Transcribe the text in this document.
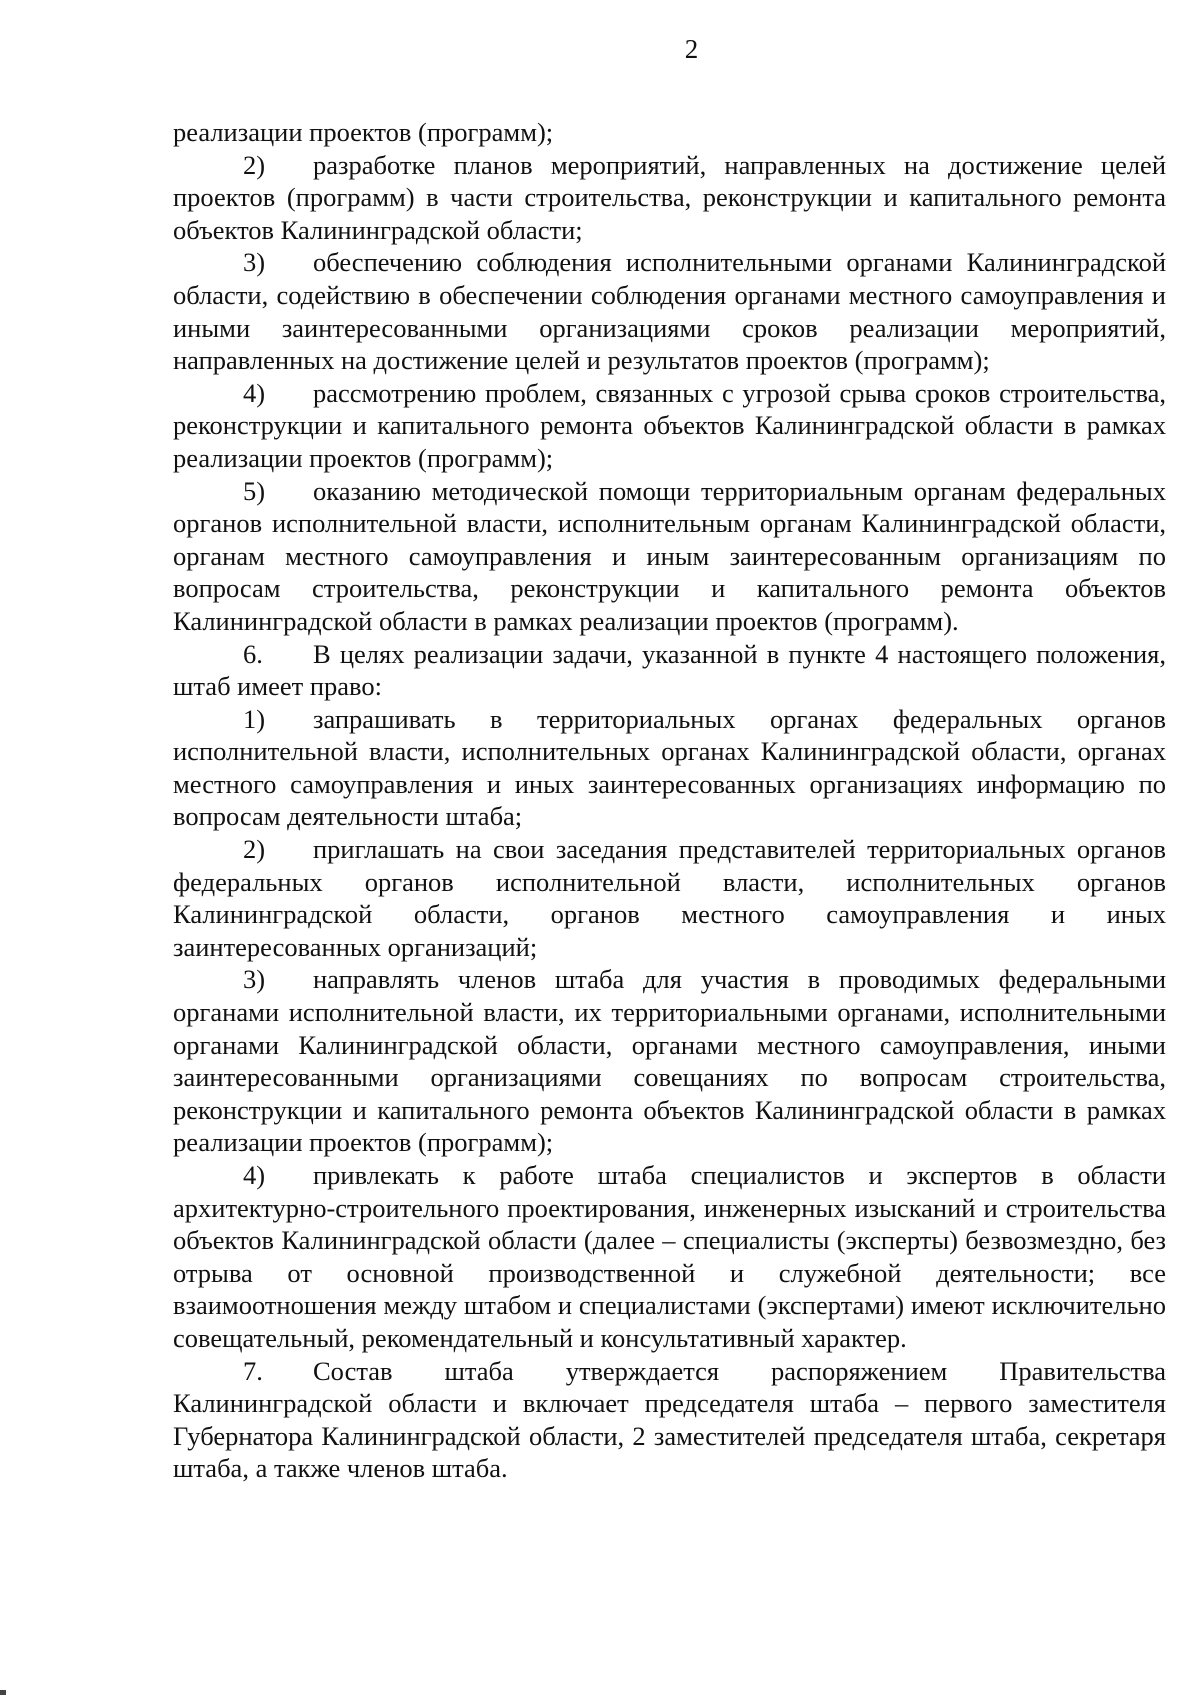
2

реализации проектов (программ);

2) разработке планов мероприятий, направленных на достижение целей проектов (программ) в части строительства, реконструкции и капитального ремонта объектов Калининградской области;

3) обеспечению соблюдения исполнительными органами Калининградской области, содействию в обеспечении соблюдения органами местного самоуправления и иными заинтересованными организациями сроков реализации мероприятий, направленных на достижение целей и результатов проектов (программ);

4) рассмотрению проблем, связанных с угрозой срыва сроков строительства, реконструкции и капитального ремонта объектов Калининградской области в рамках реализации проектов (программ);

5) оказанию методической помощи территориальным органам федеральных органов исполнительной власти, исполнительным органам Калининградской области, органам местного самоуправления и иным заинтересованным организациям по вопросам строительства, реконструкции и капитального ремонта объектов Калининградской области в рамках реализации проектов (программ).

6. В целях реализации задачи, указанной в пункте 4 настоящего положения, штаб имеет право:

1) запрашивать в территориальных органах федеральных органов исполнительной власти, исполнительных органах Калининградской области, органах местного самоуправления и иных заинтересованных организациях информацию по вопросам деятельности штаба;

2) приглашать на свои заседания представителей территориальных органов федеральных органов исполнительной власти, исполнительных органов Калининградской области, органов местного самоуправления и иных заинтересованных организаций;

3) направлять членов штаба для участия в проводимых федеральными органами исполнительной власти, их территориальными органами, исполнительными органами Калининградской области, органами местного самоуправления, иными заинтересованными организациями совещаниях по вопросам строительства, реконструкции и капитального ремонта объектов Калининградской области в рамках реализации проектов (программ);

4) привлекать к работе штаба специалистов и экспертов в области архитектурно-строительного проектирования, инженерных изысканий и строительства объектов Калининградской области (далее – специалисты (эксперты) безвозмездно, без отрыва от основной производственной и служебной деятельности; все взаимоотношения между штабом и специалистами (экспертами) имеют исключительно совещательный, рекомендательный и консультативный характер.

7. Состав штаба утверждается распоряжением Правительства Калининградской области и включает председателя штаба – первого заместителя Губернатора Калининградской области, 2 заместителей председателя штаба, секретаря штаба, а также членов штаба.
